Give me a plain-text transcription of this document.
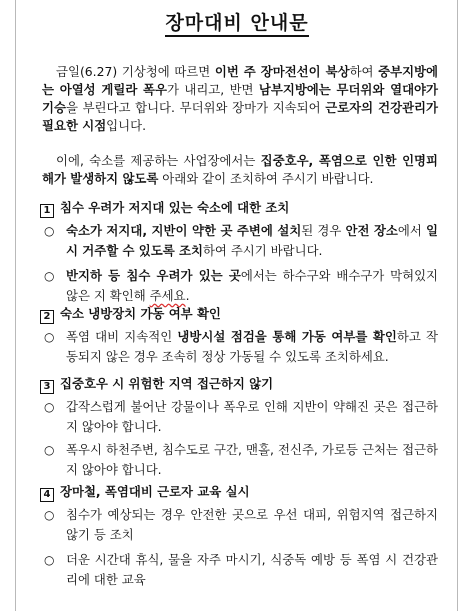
장마대비 안내문

금일(6.27) 기상청에 따르면 이번 주 장마전선이 북상하여 중부지방에는 아열성 게릴라 폭우가 내리고, 반면 남부지방에는 무더위와 열대야가 기승을 부린다고 합니다. 무더위와 장마가 지속되어 근로자의 건강관리가 필요한 시점입니다.

이에, 숙소를 제공하는 사업장에서는 집중호우, 폭염으로 인한 인명피해가 발생하지 않도록 아래와 같이 조치하여 주시기 바랍니다.

1 침수 우려가 저지대 있는 숙소에 대한 조치
○ 숙소가 저지대, 지반이 약한 곳 주변에 설치된 경우 안전 장소에서 일시 거주할 수 있도록 조치하여 주시기 바랍니다.

○ 반지하 등 침수 우려가 있는 곳에서는 하수구와 배수구가 막혀있지 않은 지 확인해 주세요.

2 숙소 냉방장치 가동 여부 확인
○ 폭염 대비 지속적인 냉방시설 점검을 통해 가동 여부를 확인하고 작동되지 않은 경우 조속히 정상 가동될 수 있도록 조치하세요.

3 집중호우 시 위험한 지역 접근하지 않기
○ 갑작스럽게 불어난 강물이나 폭우로 인해 지반이 약해진 곳은 접근하지 않아야 합니다.

○ 폭우시 하천주변, 침수도로 구간, 맨홀, 전신주, 가로등 근처는 접근하지 않아야 합니다.

4 장마철, 폭염대비 근로자 교육 실시
○ 침수가 예상되는 경우 안전한 곳으로 우선 대피, 위험지역 접근하지 않기 등 조치

○ 더운 시간대 휴식, 물을 자주 마시기, 식중독 예방 등 폭염 시 건강관리에 대한 교육
